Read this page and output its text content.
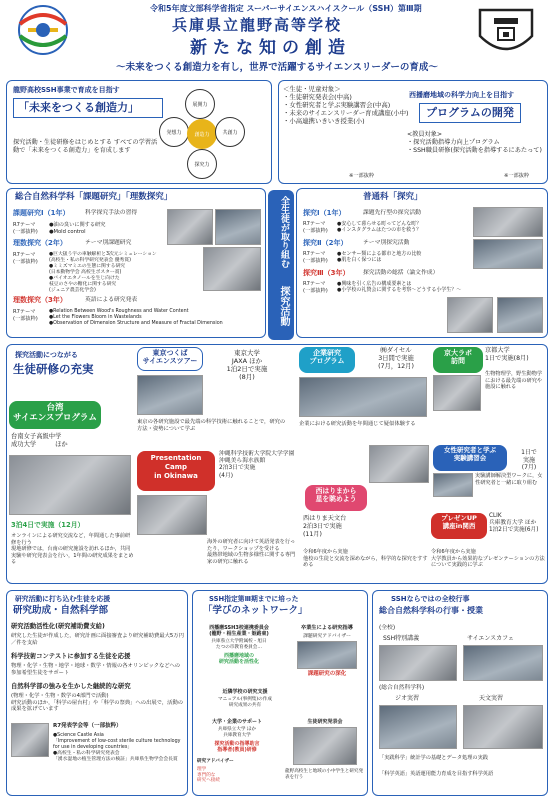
令和5年度文部科学省指定 スーパーサイエンスハイスクール（SSH）第Ⅲ期
兵庫県立龍野高等学校
新たな知の創造
～未来をつくる創造力を有し，世界で活躍するサイエンスリーダーの育成～
龍野高校SSH事業で育成を目指す
「未来をつくる創造力」
探究活動・生徒研修をはじめとする すべての学習活動で「未来をつくる創造力」を育成します
展開力
発想力	創造力	共創力
探究力
＜生徒・児童対象＞
・生徒研究発表会(中高)
・女性研究者と学ぶ実験講習会(中高)
・未来のサイエンスリーダー育成講座(小中)
・小高連携いきいき授業(小)
※一部抜粋
西播磨地域の科学力向上を目指す
プログラムの開発
<教員対象>
・探究活動指導力向上プログラム
・SSH職員研修(探究活動を指導するにあたって)
※一部抜粋
総合自然科学科「課題研究」「理数探究」
課題研究Ⅰ（1年）	科学探究手法の習得
R7テーマ
(一部抜粋)
●油の臭いに関する研究
●Mold control
理数探究（2年）	テーマ別課題研究
R7テーマ
(一部抜粋)
●巨大扱う宇の車触解析と3次元シミュレーション
(高校生・私の科学研究発表会 優秀賞)
●ミミズマミエの生態に関する研究
(日本動物学会 高校生ポスター賞)
●バイオエタノールを生じ向けた
枝豆のさやの糖化に関する研究
(ジュニア農芸化学会)
理数探究（3年）	英語による研究発表
R7テーマ
(一部抜粋)
●Relation Between Wood's Roughness and Water Content
●Let the Flowers Bloom in Wastelands
●Observation of Dimension Structure and Measure of Fractal Dimension
全生徒が取り組む
探究活動
普通科「探究」
探究Ⅰ（1年）	課題先行型の探究活動
R7テーマ
(一部抜粋)
●安心して暮らせる町ってどんな町？
●インスタグラムはたつの市を救う？
探究Ⅱ（2年）	テーマ別探究活動
R7テーマ
(一部抜粋)
●センサー類による都市と地方の比較
●肌を白く保つには
探究Ⅲ（3年） 探究活動の総括（論文作成）
R7テーマ
(一部抜粋)
●興味を引く広告の構成要素とは
●小学校の礼賛会に関するを考察～どうする小学生？～
探究活動につながる
生徒研修の充実
台湾
サイエンスプログラム
台南女子高級中学
成功大学　　　ほか
3泊4日で実施（12月）
オンラインによる研究交流など，年間通した事前研修を行う
現地研修では，台南の研究施設を訪れるほか，共同実験や研究発表会を行い，1年間の研究成果をまとめる
東京つくば
サイエンスツアー
東京大学
JAXA ほか
1泊2日で実施
(8月)
東京の各研究施設で最先端の科学技術に触れることで，研究の方法・姿勢について学ぶ
Presentation
Camp
in Okinawa
沖縄科学技術大学院大学学園
沖縄美ら海水族館
2泊3日で実施
(4月)
海外の研究者に向けて英語発表を行ったり，ワークショップを受ける
最熱帯地域の生物多様性に関する専門家の研究に触れる
企業研究
プログラム
㈱ダイセル
3日間で実施
(7月，12月)
企業における研究活動を年間通じて疑似体験する
西はりまから
星を眺めよう
西はりま天文台
2泊3日で実施
(11月)
令和6年度から実施
他校の生徒と交流を深めながら，科学的な探究をすすめる
京大ラボ
訪問
京都大学
1日で実施(8月)
生物物理学，野生動物学における最先端の研究や施設に触れる
女性研究者と学ぶ
実験講習会
1日で
実施
(7月)
実験講師解決型ワークに，女性研究者と一緒に取り組む
プレゼンUP
講座in関西
CLIK
兵庫教育大学 ほか
1泊2日で実施(6月)
令和6年度から実施
大学教員から効果的なプレゼンテーションの方法について実践的に学ぶ
研究活動に打ち込む生徒を応援
研究助成・自然科学部
研究活動活性化(研究補助費支給)
研究した生徒が作成した，研究計画に面接審査より研究補助費最大5万円／件を支給
科学技術コンテストに参加する生徒を応援
物理・化学・生物・地学・地球・数学・情報の各オリンピックなどへの参加希望生徒をサポート
自然科学部の強みを生かした継続的な研究
(物理・化学・生物・数学の4部門で活動)
研究活動のほか，「科学の屋台村」や「科学の祭典」への出展で，活動の成果を拡げています
R7発表学会等（一部抜粋）
●Science Castle Asia
「Improvement of low-cost sterile culture technology for use in developing countries」
●高校生・私の科学研究発表会
「湧水湿地の植生管理方法の検証」兵庫県生物学会会長賞
SSH指定第Ⅲ期までに培った
「学びのネットワーク」
西播磨SSH3校連携委員会
(龍野・相生産業・姫路東)
兵庫県立大学附属校・旭日
たつの市教育委員会…
西播磨地域の
研究活動を活性化
卒業生による研究指導
課題研究アドバイザー
課題研究の深化
近隣学校の研究支援
マニュアル(事例集)の作成
研究成果の共有
大学・企業のサポート
兵庫県立大学 ほか
兵庫教育大学
探究活動の指導助言
指導者(教員)研修
研究アドバイザー
理学
専門的な
研究へ接続
生徒研究発表会
龍野高校生と地域の小中学生と研究発表を行う
SSHならではの全校行事
総合自然科学科の行事・授業
(全校)
SSH特別講義	サイエンスカフェ
(総合自然科学科)
ジオ実習	天文実習
「実践科学」統計学の基礎とデータ処理の実践
「科学英語」英語運用能力育成を目指す科学英語
